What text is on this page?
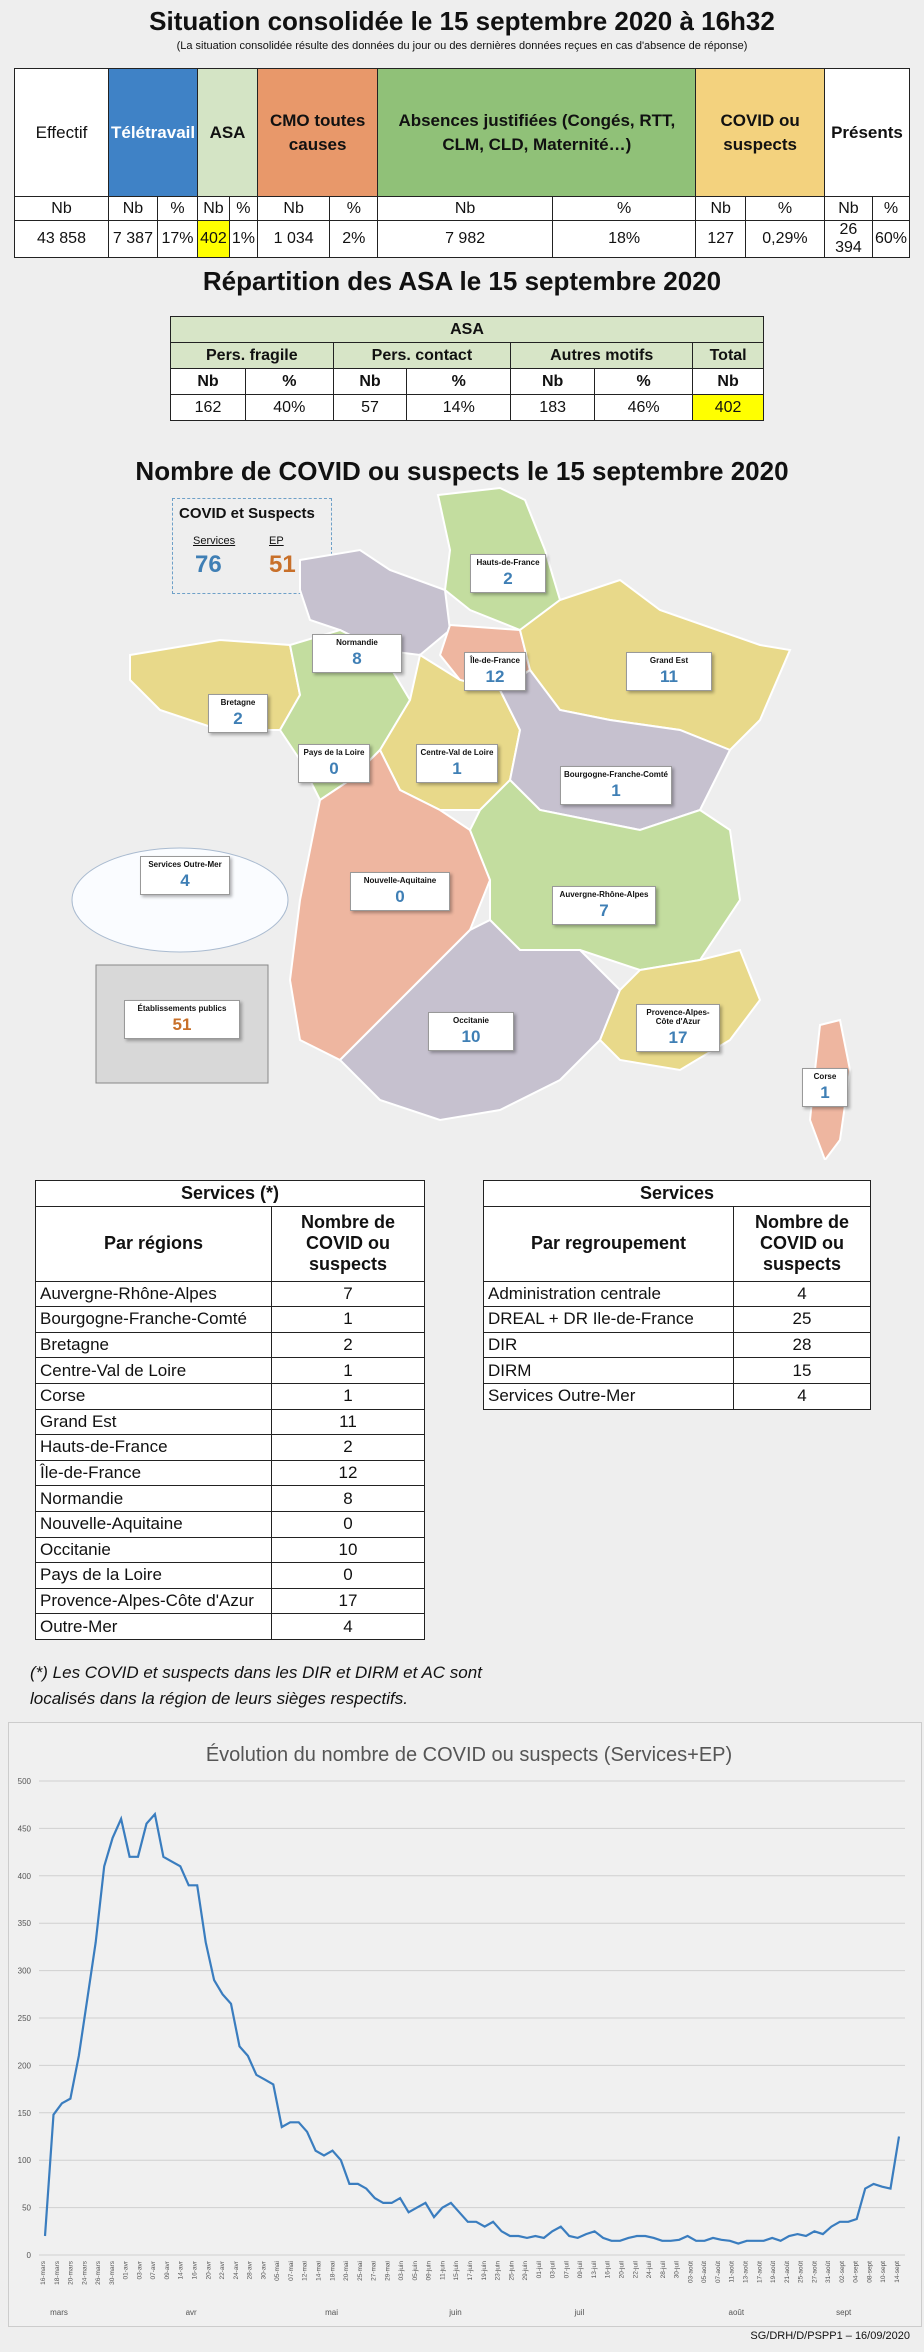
Situation consolidée le 15 septembre 2020 à 16h32
(La situation consolidée résulte des données du jour ou des dernières données reçues en cas d'absence de réponse)
Effectif	Télétravail		ASA		CMO toutes causes		Absences justifiées (Congés, RTT, CLM, CLD, Maternité…)		COVID ou suspects		Présents	
Nb	Nb	%	Nb	%	Nb	%	Nb	%	Nb	%	Nb	%
43 858	7 387	17%	402	1%	1 034	2%	7 982	18%	127	0,29%	26 394	60%
Répartition des ASA le 15 septembre 2020
ASA						
Pers. fragile		Pers. contact		Autres motifs		Total
Nb	%	Nb	%	Nb	%	Nb
162	40%	57	14%	183	46%	402
Nombre de COVID ou suspects le 15 septembre 2020
COVID et Suspects
Services	EP
76 51	Hauts-de-France
2
Normandie
8	Île-de-France
12
Grand Est
11
Bretagne
2
Pays de la Loire
0
Centre-Val de Loire
1	Bourgogne-Franche-Comté
1
Services Outre-Mer
4	Nouvelle-Aquitaine
0	Auvergne-Rhône-Alpes
7
Établissements publics
51	Occitanie
10
Provence-Alpes-Côte d'Azur
17
Corse
1
Services (*)	
Par régions	Nombre de COVID ou suspects
Auvergne-Rhône-Alpes	7
Bourgogne-Franche-Comté	1
Bretagne	2
Centre-Val de Loire	1
Corse	1
Grand Est	11
Hauts-de-France	2
Île-de-France	12
Normandie	8
Nouvelle-Aquitaine	0
Occitanie	10
Pays de la Loire	0
Provence-Alpes-Côte d'Azur	17
Outre-Mer	4
Services	
Par regroupement	Nombre de COVID ou suspects
Administration centrale	4
DREAL + DR Ile-de-France	25
DIR	28
DIRM	15
Services Outre-Mer	4
(*) Les COVID et suspects dans les DIR et DIRM et AC sont localisés dans la région de leurs sièges respectifs.
Évolution du nombre de COVID ou suspects (Services+EP)
0
50
100
150
200
250
300
350
400
450
500
16-mars 18-mars 20-mars 24-mars 26-mars 30-mars 01-avr 03-avr 07-avr 09-avr 14-avr 16-avr 20-avr 22-avr 24-avr 28-avr 30-avr 05-mai 07-mai 12-mai 14-mai 18-mai 20-mai 25-mai 27-mai 29-mai 03-juin 05-juin 09-juin 11-juin 15-juin 17-juin 19-juin 23-juin 25-juin 29-juin 01-juil 03-juil 07-juil 09-juil 13-juil 16-juil 20-juil 22-juil 24-juil 28-juil 30-juil 03-août 05-août 07-août 11-août 13-août 17-août 19-août 21-août 25-août 27-août 31-août 02-sept 04-sept 08-sept 10-sept 14-sept
mars	avr	mai	juin	juil	août	sept
SG/DRH/D/PSPP1 – 16/09/2020
